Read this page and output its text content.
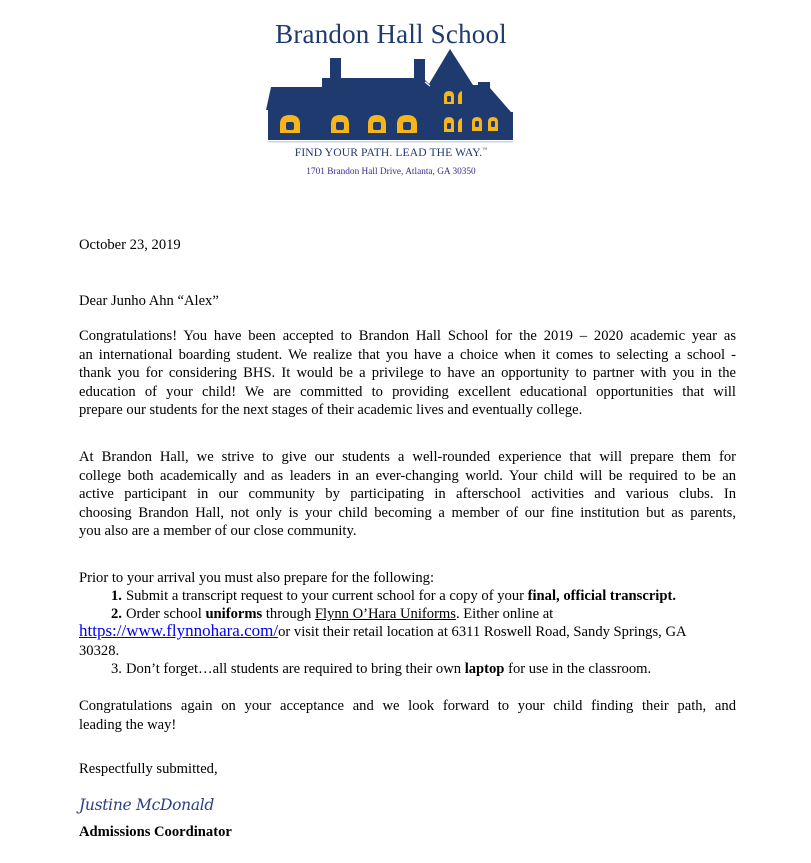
Brandon Hall School
FIND YOUR PATH. LEAD THE WAY.™
1701 Brandon Hall Drive, Atlanta, GA 30350
October 23, 2019
Dear Junho Ahn “Alex”
Congratulations! You have been accepted to Brandon Hall School for the 2019 – 2020 academic year as
an international boarding student. We realize that you have a choice when it comes to selecting a school -
thank you for considering BHS. It would be a privilege to have an opportunity to partner with you in the
education of your child! We are committed to providing excellent educational opportunities that will
prepare our students for the next stages of their academic lives and eventually college.
At Brandon Hall, we strive to give our students a well-rounded experience that will prepare them for
college both academically and as leaders in an ever-changing world. Your child will be required to be an
active participant in our community by participating in afterschool activities and various clubs. In
choosing Brandon Hall, not only is your child becoming a member of our fine institution but as parents,
you also are a member of our close community.
Prior to your arrival you must also prepare for the following:
1. Submit a transcript request to your current school for a copy of your final, official transcript.
2. Order school uniforms through Flynn O’Hara Uniforms. Either online at
https://www.flynnohara.com/or visit their retail location at 6311 Roswell Road, Sandy Springs, GA
30328.
3. Don’t forget…all students are required to bring their own laptop for use in the classroom.
Congratulations again on your acceptance and we look forward to your child finding their path, and
leading the way!
Respectfully submitted,
Justine McDonald
Admissions Coordinator
